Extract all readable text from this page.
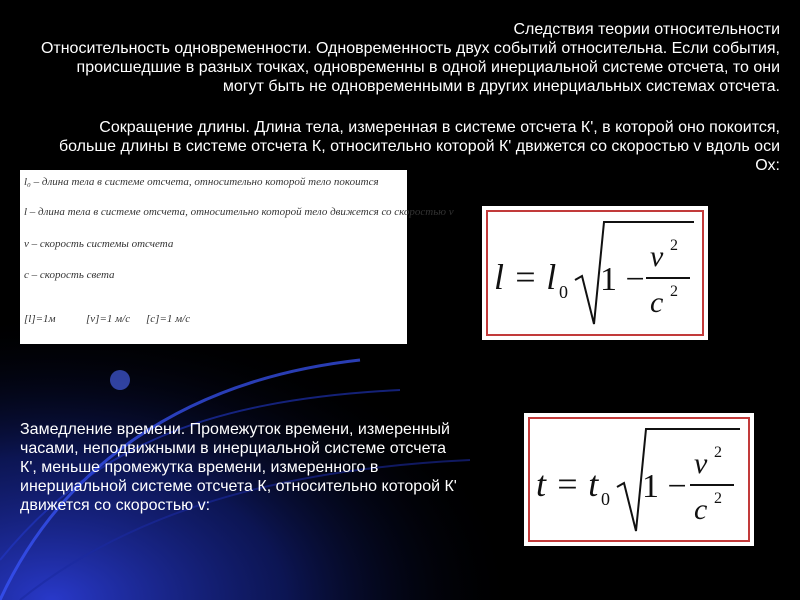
Следствия теории относительности
Относительность одновременности. Одновременность двух событий относительна. Если события, происшедшие в разных точках, одновременны в одной инерциальной системе отсчета, то они могут быть не одновременными в других инерциальных системах отсчета.
Сокращение длины. Длина тела, измеренная в системе отсчета К', в которой оно покоится, больше длины в системе отсчета К, относительно которой К' движется со скоростью v вдоль оси Ох:
l₀ – длина тела в системе отсчета, относительно которой тело покоится
l – длина тела в системе отсчета, относительно которой тело движется со скоростью v
v – скорость системы отсчета
c – скорость света
[l]=1м	[v]=1 м/с [c]=1 м/с
l = l 0 1 −
v 2
c 2
Замедление времени. Промежуток времени, измеренный часами, неподвижными в инерциальной системе отсчета К', меньше промежутка времени, измеренного в инерциальной системе отсчета К, относительно которой К' движется со скоростью v:
t = t 0 1 −
v 2
c 2
